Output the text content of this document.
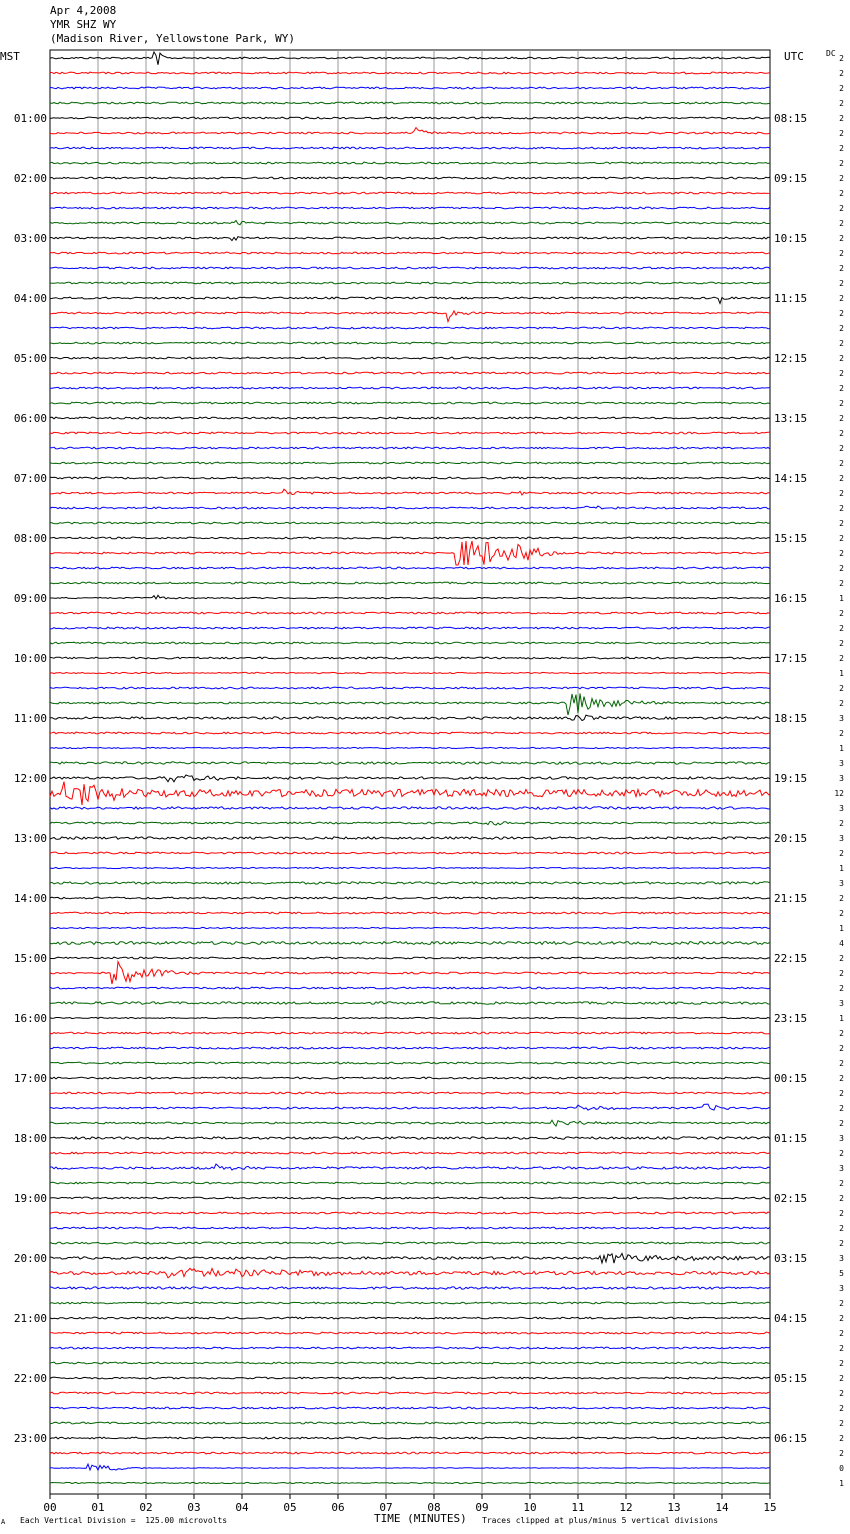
00	01	02	03	04	05	06	07	08	09	10	11	12	13	14	15
01:00
02:00
03:00
04:00
05:00
06:00
07:00
08:00
09:00
10:00
11:00
12:00
13:00
14:00
15:00
16:00
17:00
18:00
19:00
20:00
21:00
22:00
23:00
08:15
09:15
10:15
11:15
12:15
13:15
14:15
15:15
16:15
17:15
18:15
19:15
20:15
21:15
22:15
23:15
00:15
01:15
02:15
03:15
04:15
05:15
06:15
2
2
2
2
2
2
2
2
2
2
2
2
2
2
2
2
2
2
2
2
2
2
2
2
2
2
2
2
2
2
2
2
2
2
2
2
1
2
2
2
2
1
2
2
3
2
1
3
3
12
3
2
3
2
1
3
2
2
1
4
2
2
2
3
1
2
2
2
2
2
2
2
3
2
3
2
2
2
2
2
3
5
3
2
2
2
2
2
2
2
2
2
2
2
0
1
Apr 4,2008
YMR SHZ WY
(Madison River, Yellowstone Park, WY)
MST	UTC	DC
A Each Vertical Division =  125.00 microvolts	TIME (MINUTES) Traces clipped at plus/minus 5 vertical divisions
